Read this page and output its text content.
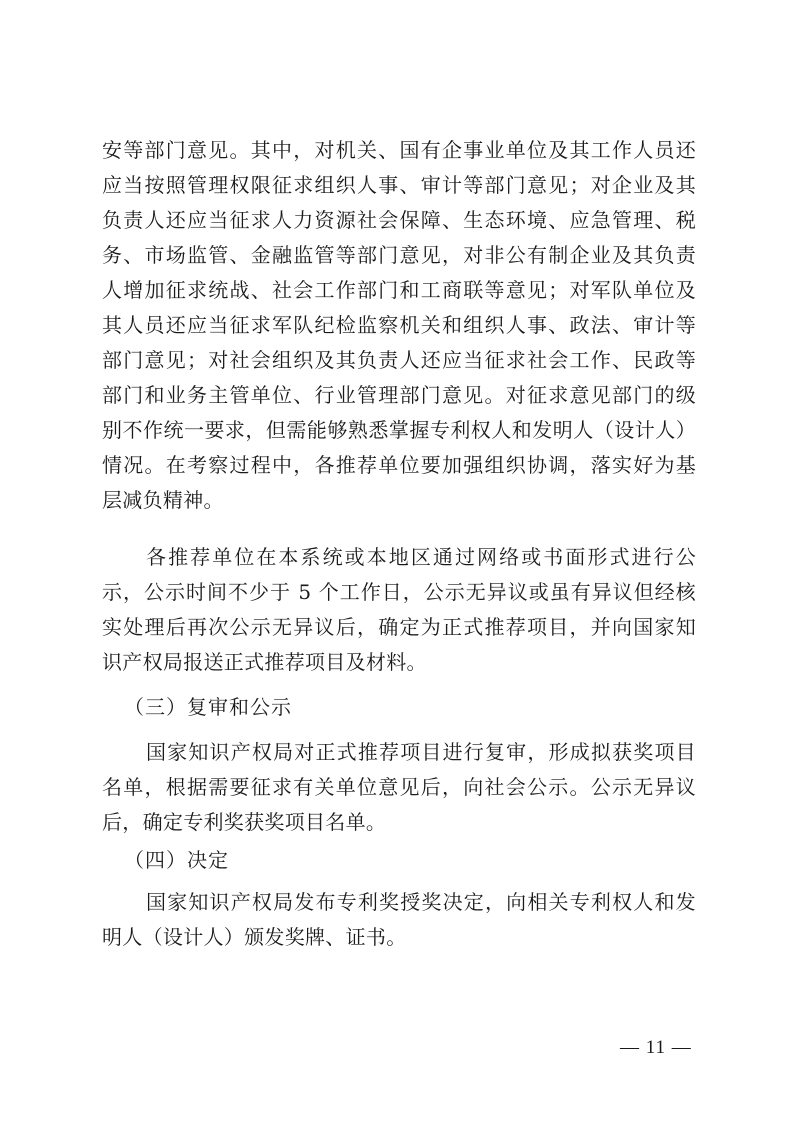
安等部门意见。其中，对机关、国有企事业单位及其工作人员还
应当按照管理权限征求组织人事、审计等部门意见；对企业及其
负责人还应当征求人力资源社会保障、生态环境、应急管理、税
务、市场监管、金融监管等部门意见，对非公有制企业及其负责
人增加征求统战、社会工作部门和工商联等意见；对军队单位及
其人员还应当征求军队纪检监察机关和组织人事、政法、审计等
部门意见；对社会组织及其负责人还应当征求社会工作、民政等
部门和业务主管单位、行业管理部门意见。对征求意见部门的级
别不作统一要求，但需能够熟悉掌握专利权人和发明人（设计人）
情况。在考察过程中，各推荐单位要加强组织协调，落实好为基
层减负精神。
各推荐单位在本系统或本地区通过网络或书面形式进行公
示，公示时间不少于 5 个工作日，公示无异议或虽有异议但经核
实处理后再次公示无异议后，确定为正式推荐项目，并向国家知
识产权局报送正式推荐项目及材料。
（三）复审和公示
国家知识产权局对正式推荐项目进行复审，形成拟获奖项目
名单，根据需要征求有关单位意见后，向社会公示。公示无异议
后，确定专利奖获奖项目名单。
（四）决定
国家知识产权局发布专利奖授奖决定，向相关专利权人和发
明人（设计人）颁发奖牌、证书。
— 11 —
